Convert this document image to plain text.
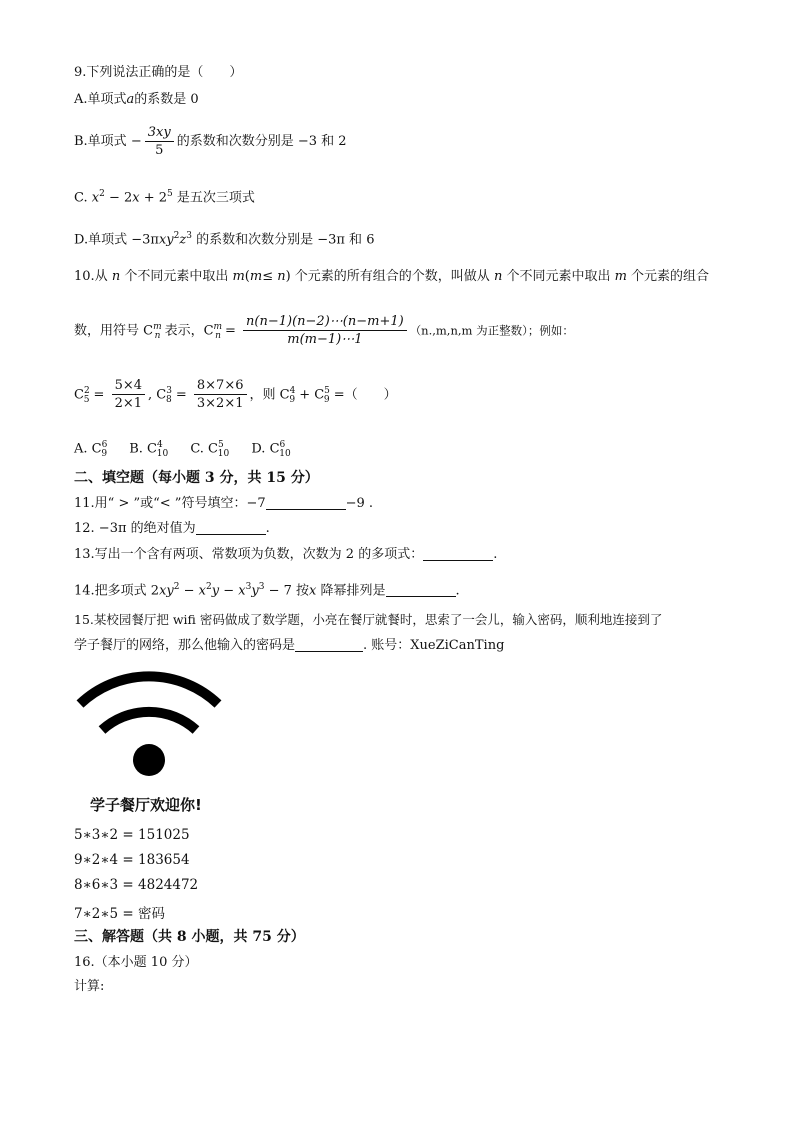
9.下列说法正确的是（　　）
A.单项式a的系数是 0
B.单项式 − $\frac{3xy}{5}$ 的系数和次数分别是 −3 和 2
C. $x^2 - 2x + 2^5$ 是五次三项式
D.单项式 $-3\pi xy^2z^3$ 的系数和次数分别是 −3π 和 6
10.从 n 个不同元素中取出 m(m≤ n) 个元素的所有组合的个数，叫做从 n 个不同元素中取出 m 个元素的组合
数，用符号 $C^m_n$ 表示，$C^m_n = \frac{n(n-1)(n-2)\cdots(n-m+1)}{m(m-1)\cdots 1} (n.,m,n,m$ 为正整数）；例如：
$C^2_5 = \frac{5\times 4}{2\times 1}$ , $C^3_8 = \frac{8\times 7\times 6}{3\times 2\times 1}$ ，则 $C^4_9 + C^5_9$ =（　　）
A. $C^6_9$ B. $C^4_{10}$ C. $C^5_{10}$ D. $C^6_{10}$
二、填空题（每小题 3 分，共 15 分）
11.用“ > ”或“< ”符号填空：−7	−9 .
12. −3π 的绝对值为	.
13.写出一个含有两项、常数项为负数，次数为 2 的多项式：	.
14.把多项式 $2xy^2 - x^2y - x^3y^3 - 7$ 按x 降幂排列是	.
15.某校园餐厅把 wifi 密码做成了数学题，小亮在餐厅就餐时，思索了一会儿，输入密码，顺利地连接到了
学子餐厅的网络，那么他输入的密码是	. 账号：XueZiCanTing
学子餐厅欢迎你!
5∗3∗2 = 151025
9∗2∗4 = 183654
8∗6∗3 = 4824472
7∗2∗5 = 密码
三、解答题（共 8 小题，共 75 分）
16.（本小题 10 分）
计算:
